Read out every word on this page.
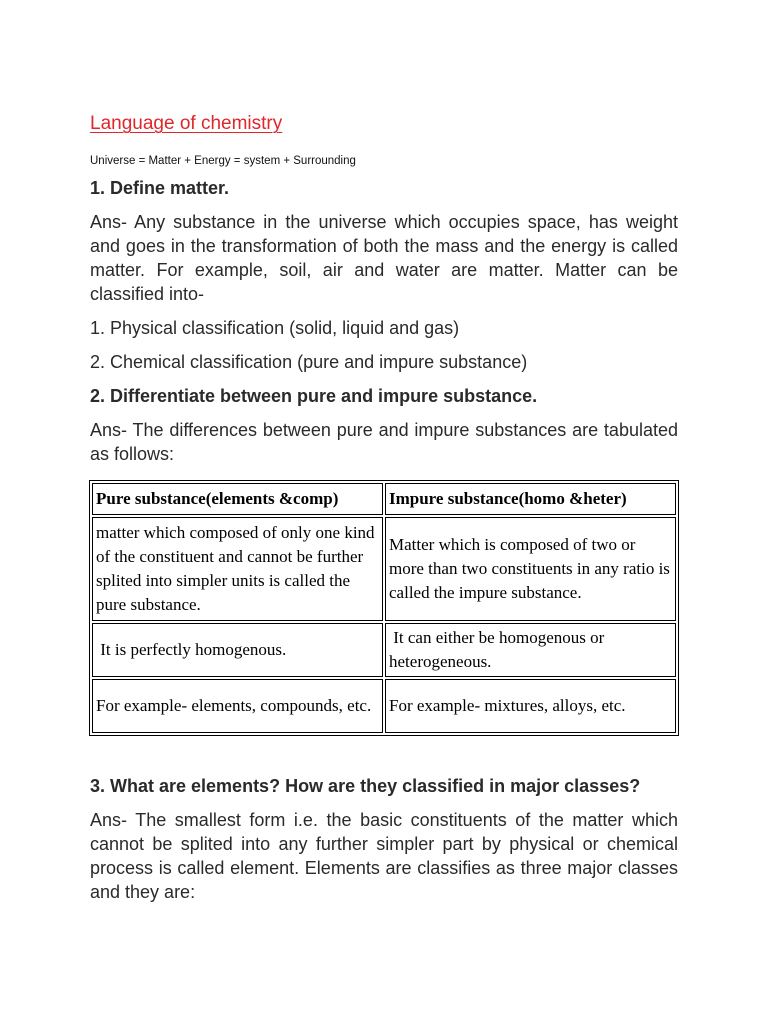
Language of chemistry

Universe = Matter + Energy = system + Surrounding

1. Define matter.

Ans- Any substance in the universe which occupies space, has weight and goes in the transformation of both the mass and the energy is called matter. For example, soil, air and water are matter. Matter can be classified into-

1. Physical classification (solid, liquid and gas)

2. Chemical classification (pure and impure substance)

2. Differentiate between pure and impure substance.

Ans- The differences between pure and impure substances are tabulated as follows:

Pure substance(elements &comp)	Impure substance(homo &heter)
matter which composed of only one kind of the constituent and cannot be further splited into simpler units is called the pure substance.	Matter which is composed of two or more than two constituents in any ratio is called the impure substance.
It is perfectly homogenous.	It can either be homogenous or heterogeneous.
For example- elements, compounds, etc.	For example- mixtures, alloys, etc.

3. What are elements? How are they classified in major classes?

Ans- The smallest form i.e. the basic constituents of the matter which cannot be splited into any further simpler part by physical or chemical process is called element. Elements are classifies as three major classes and they are:
